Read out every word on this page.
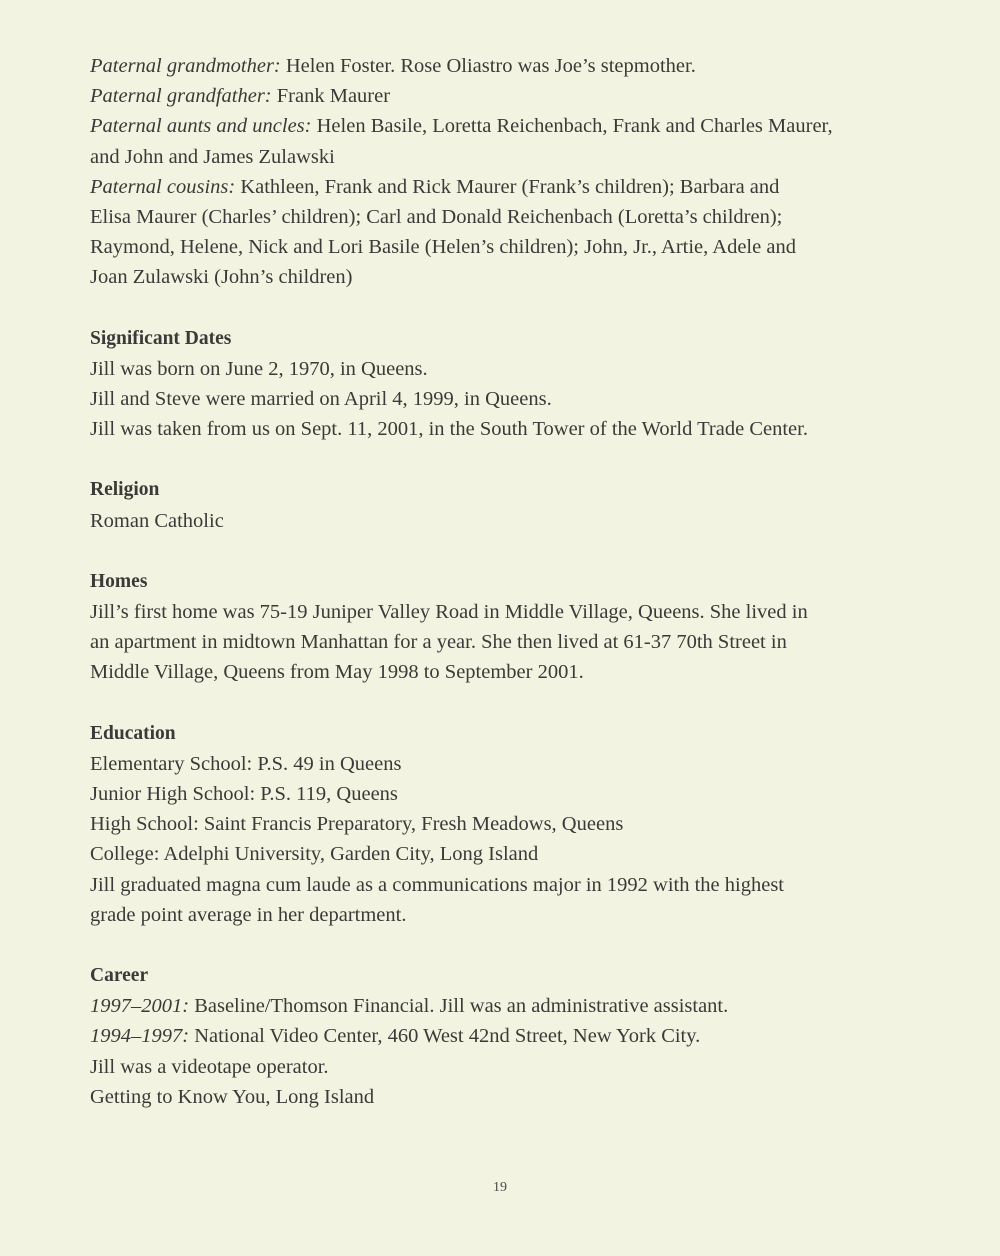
Paternal grandmother: Helen Foster. Rose Oliastro was Joe’s stepmother.
Paternal grandfather: Frank Maurer
Paternal aunts and uncles: Helen Basile, Loretta Reichenbach, Frank and Charles Maurer,
and John and James Zulawski
Paternal cousins: Kathleen, Frank and Rick Maurer (Frank’s children); Barbara and
Elisa Maurer (Charles’ children); Carl and Donald Reichenbach (Loretta’s children);
Raymond, Helene, Nick and Lori Basile (Helen’s children); John, Jr., Artie, Adele and
Joan Zulawski (John’s children)
Significant Dates
Jill was born on June 2, 1970, in Queens.
Jill and Steve were married on April 4, 1999, in Queens.
Jill was taken from us on Sept. 11, 2001, in the South Tower of the World Trade Center.
Religion
Roman Catholic
Homes
Jill’s first home was 75-19 Juniper Valley Road in Middle Village, Queens. She lived in
an apartment in midtown Manhattan for a year. She then lived at 61-37 70th Street in
Middle Village, Queens from May 1998 to September 2001.
Education
Elementary School: P.S. 49 in Queens
Junior High School: P.S. 119, Queens
High School: Saint Francis Preparatory, Fresh Meadows, Queens
College: Adelphi University, Garden City, Long Island
Jill graduated magna cum laude as a communications major in 1992 with the highest
grade point average in her department.
Career
1997–2001: Baseline/Thomson Financial. Jill was an administrative assistant.
1994–1997: National Video Center, 460 West 42nd Street, New York City.
Jill was a videotape operator.
Getting to Know You, Long Island
19
